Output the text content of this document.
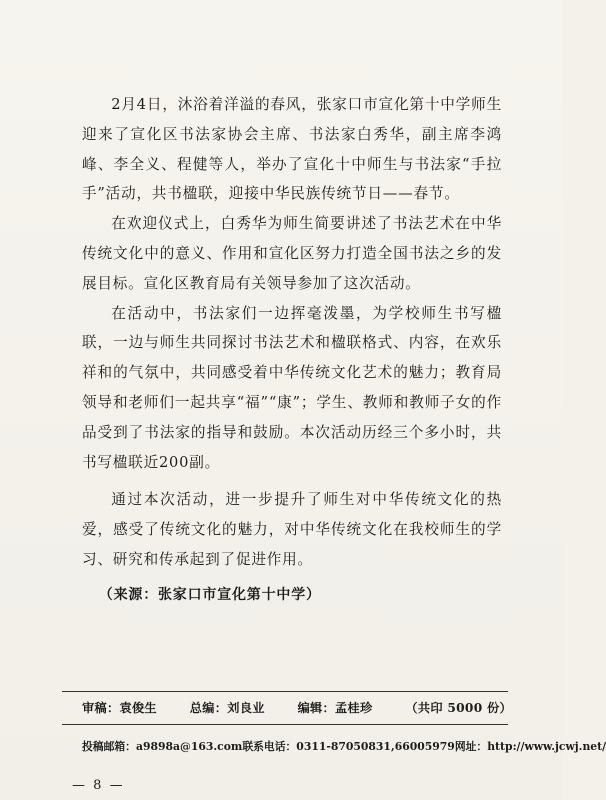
2月4日，沐浴着洋溢的春风，张家口市宣化第十中学师生迎来了宣化区书法家协会主席、书法家白秀华，副主席李鸿峰、李全义、程健等人，举办了宣化十中师生与书法家“手拉手”活动，共书楹联，迎接中华民族传统节日——春节。

在欢迎仪式上，白秀华为师生简要讲述了书法艺术在中华传统文化中的意义、作用和宣化区努力打造全国书法之乡的发展目标。宣化区教育局有关领导参加了这次活动。

在活动中，书法家们一边挥毫泼墨，为学校师生书写楹联，一边与师生共同探讨书法艺术和楹联格式、内容，在欢乐祥和的气氛中，共同感受着中华传统文化艺术的魅力；教育局领导和老师们一起共享“福”“康”；学生、教师和教师子女的作品受到了书法家的指导和鼓励。本次活动历经三个多小时，共书写楹联近200副。

通过本次活动，进一步提升了师生对中华传统文化的热爱，感受了传统文化的魅力，对中华传统文化在我校师生的学习、研究和传承起到了促进作用。

（来源：张家口市宣化第十中学）

审稿：袁俊生	总编：刘良业	编辑：孟桂珍	（共印 5000 份）
投稿邮箱：a9898a@163.com 联系电话：0311-87050831,66005979 网址：http://www.jcwj.net/
— 8 —
